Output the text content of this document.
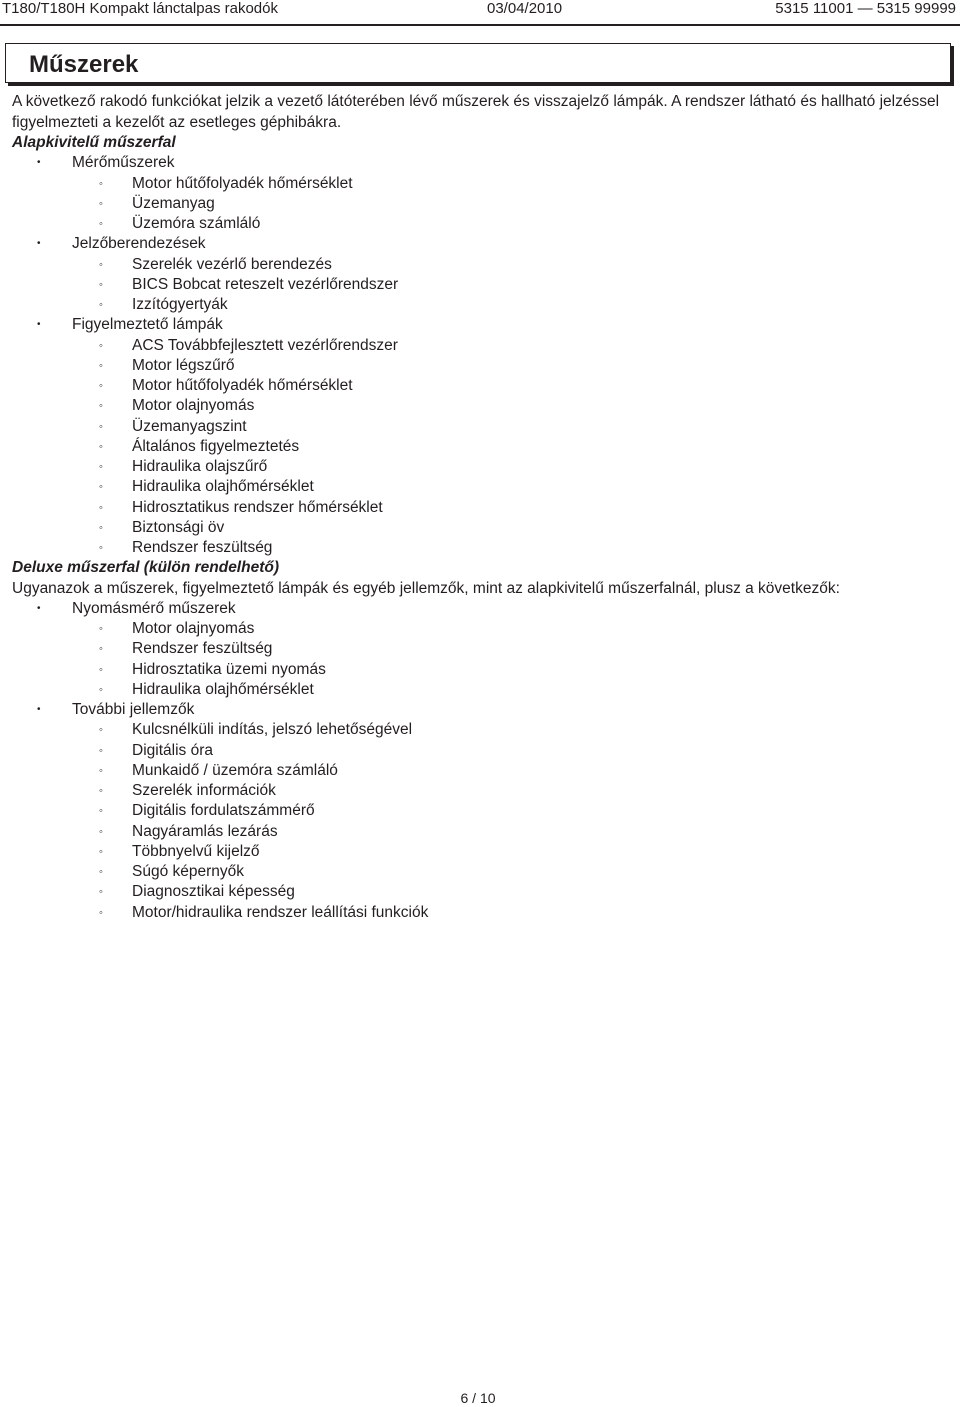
T180/T180H Kompakt lánctalpas rakodók	03/04/2010	5315 11001 — 5315 99999
Műszerek

A következő rakodó funkciókat jelzik a vezető látóterében lévő műszerek és visszajelző lámpák. A rendszer látható és hallható jelzéssel figyelmezteti a kezelőt az esetleges géphibákra.

Alapkivitelű műszerfal
• Mérőműszerek
◦ Motor hűtőfolyadék hőmérséklet
◦ Üzemanyag
◦ Üzemóra számláló
• Jelzőberendezések
◦ Szerelék vezérlő berendezés
◦ BICS Bobcat reteszelt vezérlőrendszer
◦ Izzítógyertyák
• Figyelmeztető lámpák
◦ ACS Továbbfejlesztett vezérlőrendszer
◦ Motor légszűrő
◦ Motor hűtőfolyadék hőmérséklet
◦ Motor olajnyomás
◦ Üzemanyagszint
◦ Általános figyelmeztetés
◦ Hidraulika olajszűrő
◦ Hidraulika olajhőmérséklet
◦ Hidrosztatikus rendszer hőmérséklet
◦ Biztonsági öv
◦ Rendszer feszültség
Deluxe műszerfal (külön rendelhető)
Ugyanazok a műszerek, figyelmeztető lámpák és egyéb jellemzők, mint az alapkivitelű műszerfalnál, plusz a következők:
• Nyomásmérő műszerek
◦ Motor olajnyomás
◦ Rendszer feszültség
◦ Hidrosztatika üzemi nyomás
◦ Hidraulika olajhőmérséklet
• További jellemzők
◦ Kulcsnélküli indítás, jelszó lehetőségével
◦ Digitális óra
◦ Munkaidő / üzemóra számláló
◦ Szerelék információk
◦ Digitális fordulatszámmérő
◦ Nagyáramlás lezárás
◦ Többnyelvű kijelző
◦ Súgó képernyők
◦ Diagnosztikai képesség
◦ Motor/hidraulika rendszer leállítási funkciók
6 / 10
